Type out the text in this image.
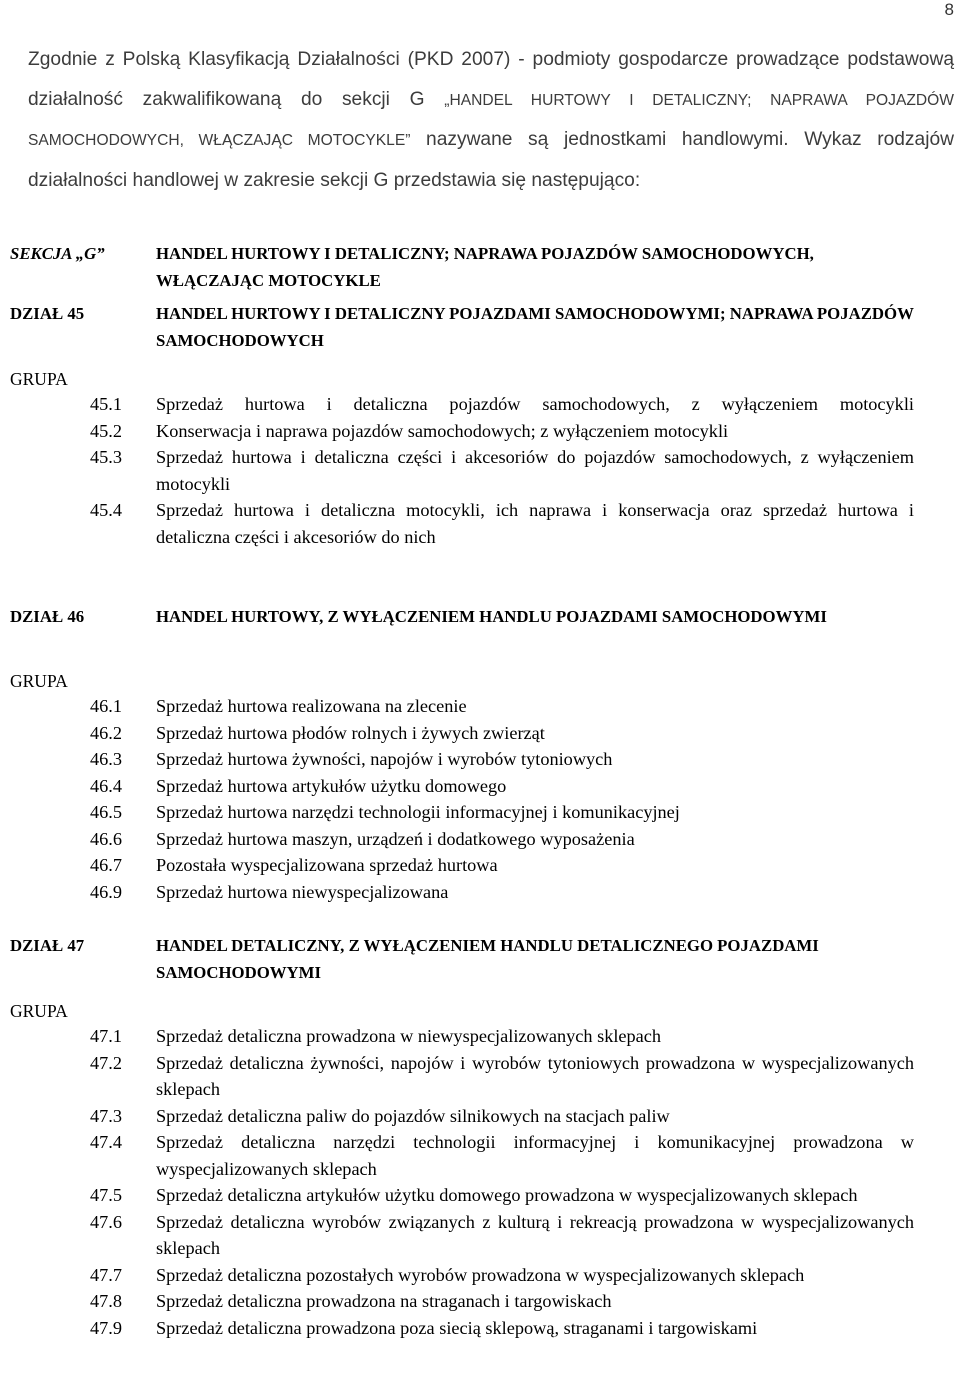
8

Zgodnie z Polską Klasyfikacją Działalności (PKD 2007) - podmioty gospodarcze prowadzące podstawową działalność zakwalifikowaną do sekcji G „HANDEL HURTOWY I DETALICZNY; NAPRAWA POJAZDÓW SAMOCHODOWYCH, WŁĄCZAJĄC MOTOCYKLE” nazywane są jednostkami handlowymi. Wykaz rodzajów działalności handlowej w zakresie sekcji G przedstawia się następująco:

SEKCJA „G”	HANDEL HURTOWY I DETALICZNY; NAPRAWA POJAZDÓW SAMOCHODOWYCH, WŁĄCZAJĄC MOTOCYKLE
DZIAŁ 45	HANDEL HURTOWY I DETALICZNY POJAZDAMI SAMOCHODOWYMI; NAPRAWA POJAZDÓW SAMOCHODOWYCH
GRUPA
45.1	Sprzedaż hurtowa i detaliczna pojazdów samochodowych, z wyłączeniem motocykli
45.2	Konserwacja i naprawa pojazdów samochodowych; z wyłączeniem motocykli
45.3	Sprzedaż hurtowa i detaliczna części i akcesoriów do pojazdów samochodowych, z wyłączeniem motocykli
45.4	Sprzedaż hurtowa i detaliczna motocykli, ich naprawa i konserwacja oraz sprzedaż hurtowa i detaliczna części i akcesoriów do nich
DZIAŁ 46	HANDEL HURTOWY, Z WYŁĄCZENIEM HANDLU POJAZDAMI SAMOCHODOWYMI
GRUPA
46.1	Sprzedaż hurtowa realizowana na zlecenie
46.2	Sprzedaż hurtowa płodów rolnych i żywych zwierząt
46.3	Sprzedaż hurtowa żywności, napojów i wyrobów tytoniowych
46.4	Sprzedaż hurtowa artykułów użytku domowego
46.5	Sprzedaż hurtowa narzędzi technologii informacyjnej i komunikacyjnej
46.6	Sprzedaż hurtowa maszyn, urządzeń i dodatkowego wyposażenia
46.7	Pozostała wyspecjalizowana sprzedaż hurtowa
46.9	Sprzedaż hurtowa niewyspecjalizowana
DZIAŁ 47	HANDEL DETALICZNY, Z WYŁĄCZENIEM HANDLU DETALICZNEGO POJAZDAMI SAMOCHODOWYMI
GRUPA
47.1	Sprzedaż detaliczna prowadzona w niewyspecjalizowanych sklepach
47.2	Sprzedaż detaliczna żywności, napojów i wyrobów tytoniowych prowadzona w wyspecjalizowanych sklepach
47.3	Sprzedaż detaliczna paliw do pojazdów silnikowych na stacjach paliw
47.4	Sprzedaż detaliczna narzędzi technologii informacyjnej i komunikacyjnej prowadzona w wyspecjalizowanych sklepach
47.5	Sprzedaż detaliczna artykułów użytku domowego prowadzona w wyspecjalizowanych sklepach
47.6	Sprzedaż detaliczna wyrobów związanych z kulturą i rekreacją prowadzona w wyspecjalizowanych sklepach
47.7	Sprzedaż detaliczna pozostałych wyrobów prowadzona w wyspecjalizowanych sklepach
47.8	Sprzedaż detaliczna prowadzona na straganach i targowiskach
47.9	Sprzedaż detaliczna prowadzona poza siecią sklepową, straganami i targowiskami
